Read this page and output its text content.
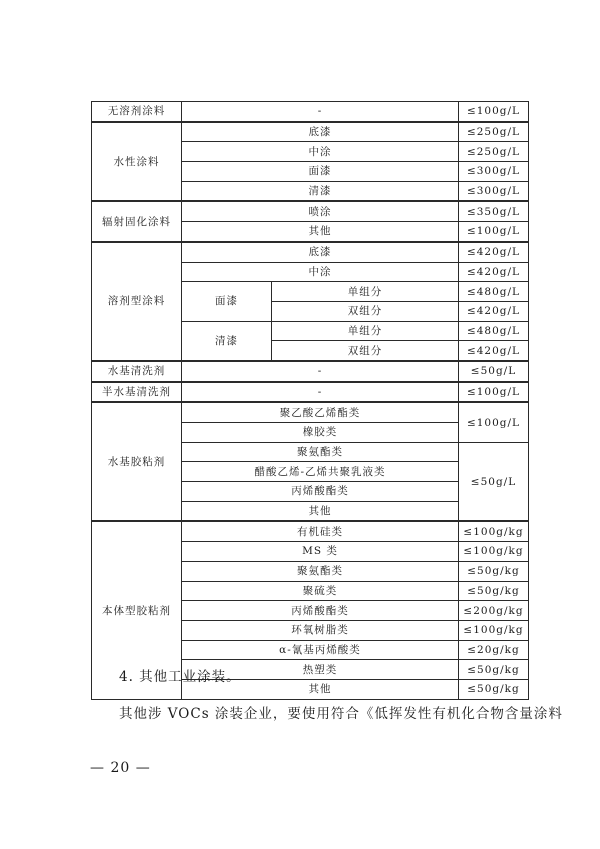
无溶剂涂料	-		≤100g/L
水性涂料	底漆		≤250g/L
	中涂		≤250g/L
	面漆		≤300g/L
	清漆		≤300g/L
辐射固化涂料	喷涂		≤350g/L
	其他		≤100g/L
溶剂型涂料	底漆		≤420g/L
	中涂		≤420g/L
	面漆	单组分	≤480g/L
		双组分	≤420g/L
	清漆	单组分	≤480g/L
		双组分	≤420g/L
水基清洗剂	-		≤50g/L
半水基清洗剂	-		≤100g/L
水基胶粘剂	聚乙酸乙烯酯类		≤100g/L
	橡胶类		
	聚氨酯类		≤50g/L
	醋酸乙烯-乙烯共聚乳液类		
	丙烯酸酯类		
	其他		
本体型胶粘剂	有机硅类		≤100g/kg
	MS 类		≤100g/kg
	聚氨酯类		≤50g/kg
	聚硫类		≤50g/kg
	丙烯酸酯类		≤200g/kg
	环氧树脂类		≤100g/kg
	α-氰基丙烯酸类		≤20g/kg
	热塑类		≤50g/kg
	其他		≤50g/kg
4. 其他工业涂装。
其他涉 VOCs 涂装企业，要使用符合《低挥发性有机化合物含量涂料
— 20 —
